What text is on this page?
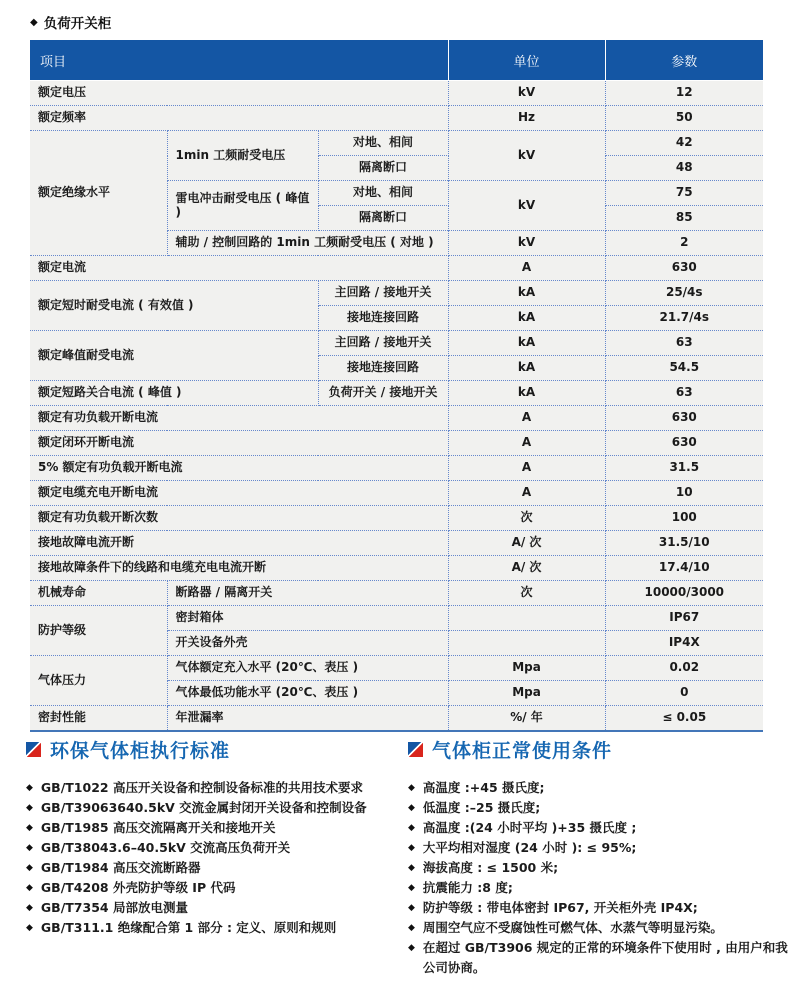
◆ 负荷开关柜
项目			单位	参数
额定电压			kV	12
额定频率			Hz	50
额定绝缘水平	1min 工频耐受电压	对地、相间	kV	42
		隔离断口		48
	雷电冲击耐受电压 ( 峰值 )	对地、相间	kV	75
		隔离断口		85
	辅助 / 控制回路的 1min 工频耐受电压 ( 对地 )		kV	2
额定电流			A	630
额定短时耐受电流 ( 有效值 )		主回路 / 接地开关	kA	25/4s
		接地连接回路	kA	21.7/4s
额定峰值耐受电流		主回路 / 接地开关	kA	63
		接地连接回路	kA	54.5
额定短路关合电流 ( 峰值 )		负荷开关 / 接地开关	kA	63
额定有功负载开断电流			A	630
额定闭环开断电流			A	630
5% 额定有功负载开断电流			A	31.5
额定电缆充电开断电流			A	10
额定有功负载开断次数			次	100
接地故障电流开断			A/ 次	31.5/10
接地故障条件下的线路和电缆充电电流开断			A/ 次	17.4/10
机械寿命	断路器 / 隔离开关		次	10000/3000
防护等级	密封箱体			IP67
	开关设备外壳			IP4X
气体压力	气体额定充入水平 (20℃、表压 )		Mpa	0.02
	气体最低功能水平 (20℃、表压 )		Mpa	0
密封性能	年泄漏率		%/ 年	≤ 0.05
环保气体柜执行标准
◆ GB/T1022 高压开关设备和控制设备标准的共用技术要求
◆ GB/T39063640.5kV 交流金属封闭开关设备和控制设备
◆ GB/T1985 高压交流隔离开关和接地开关
◆ GB/T38043.6–40.5kV 交流高压负荷开关
◆ GB/T1984 高压交流断路器
◆ GB/T4208 外壳防护等级 IP 代码
◆ GB/T7354 局部放电测量
◆ GB/T311.1 绝缘配合第 1 部分 : 定义、原则和规则
气体柜正常使用条件
◆ 高温度 :+45 摄氏度;
◆ 低温度 :–25 摄氏度;
◆ 高温度 :(24 小时平均 )+35 摄氏度 ;
◆ 大平均相对湿度 (24 小时 ): ≤ 95%;
◆ 海拔高度 : ≤ 1500 米;
◆ 抗震能力 :8 度;
◆ 防护等级 : 带电体密封 IP67, 开关柜外壳 IP4X;
◆ 周围空气应不受腐蚀性可燃气体、水蒸气等明显污染。
◆ 在超过 GB/T3906 规定的正常的环境条件下使用时 , 由用户和我公司协商。
